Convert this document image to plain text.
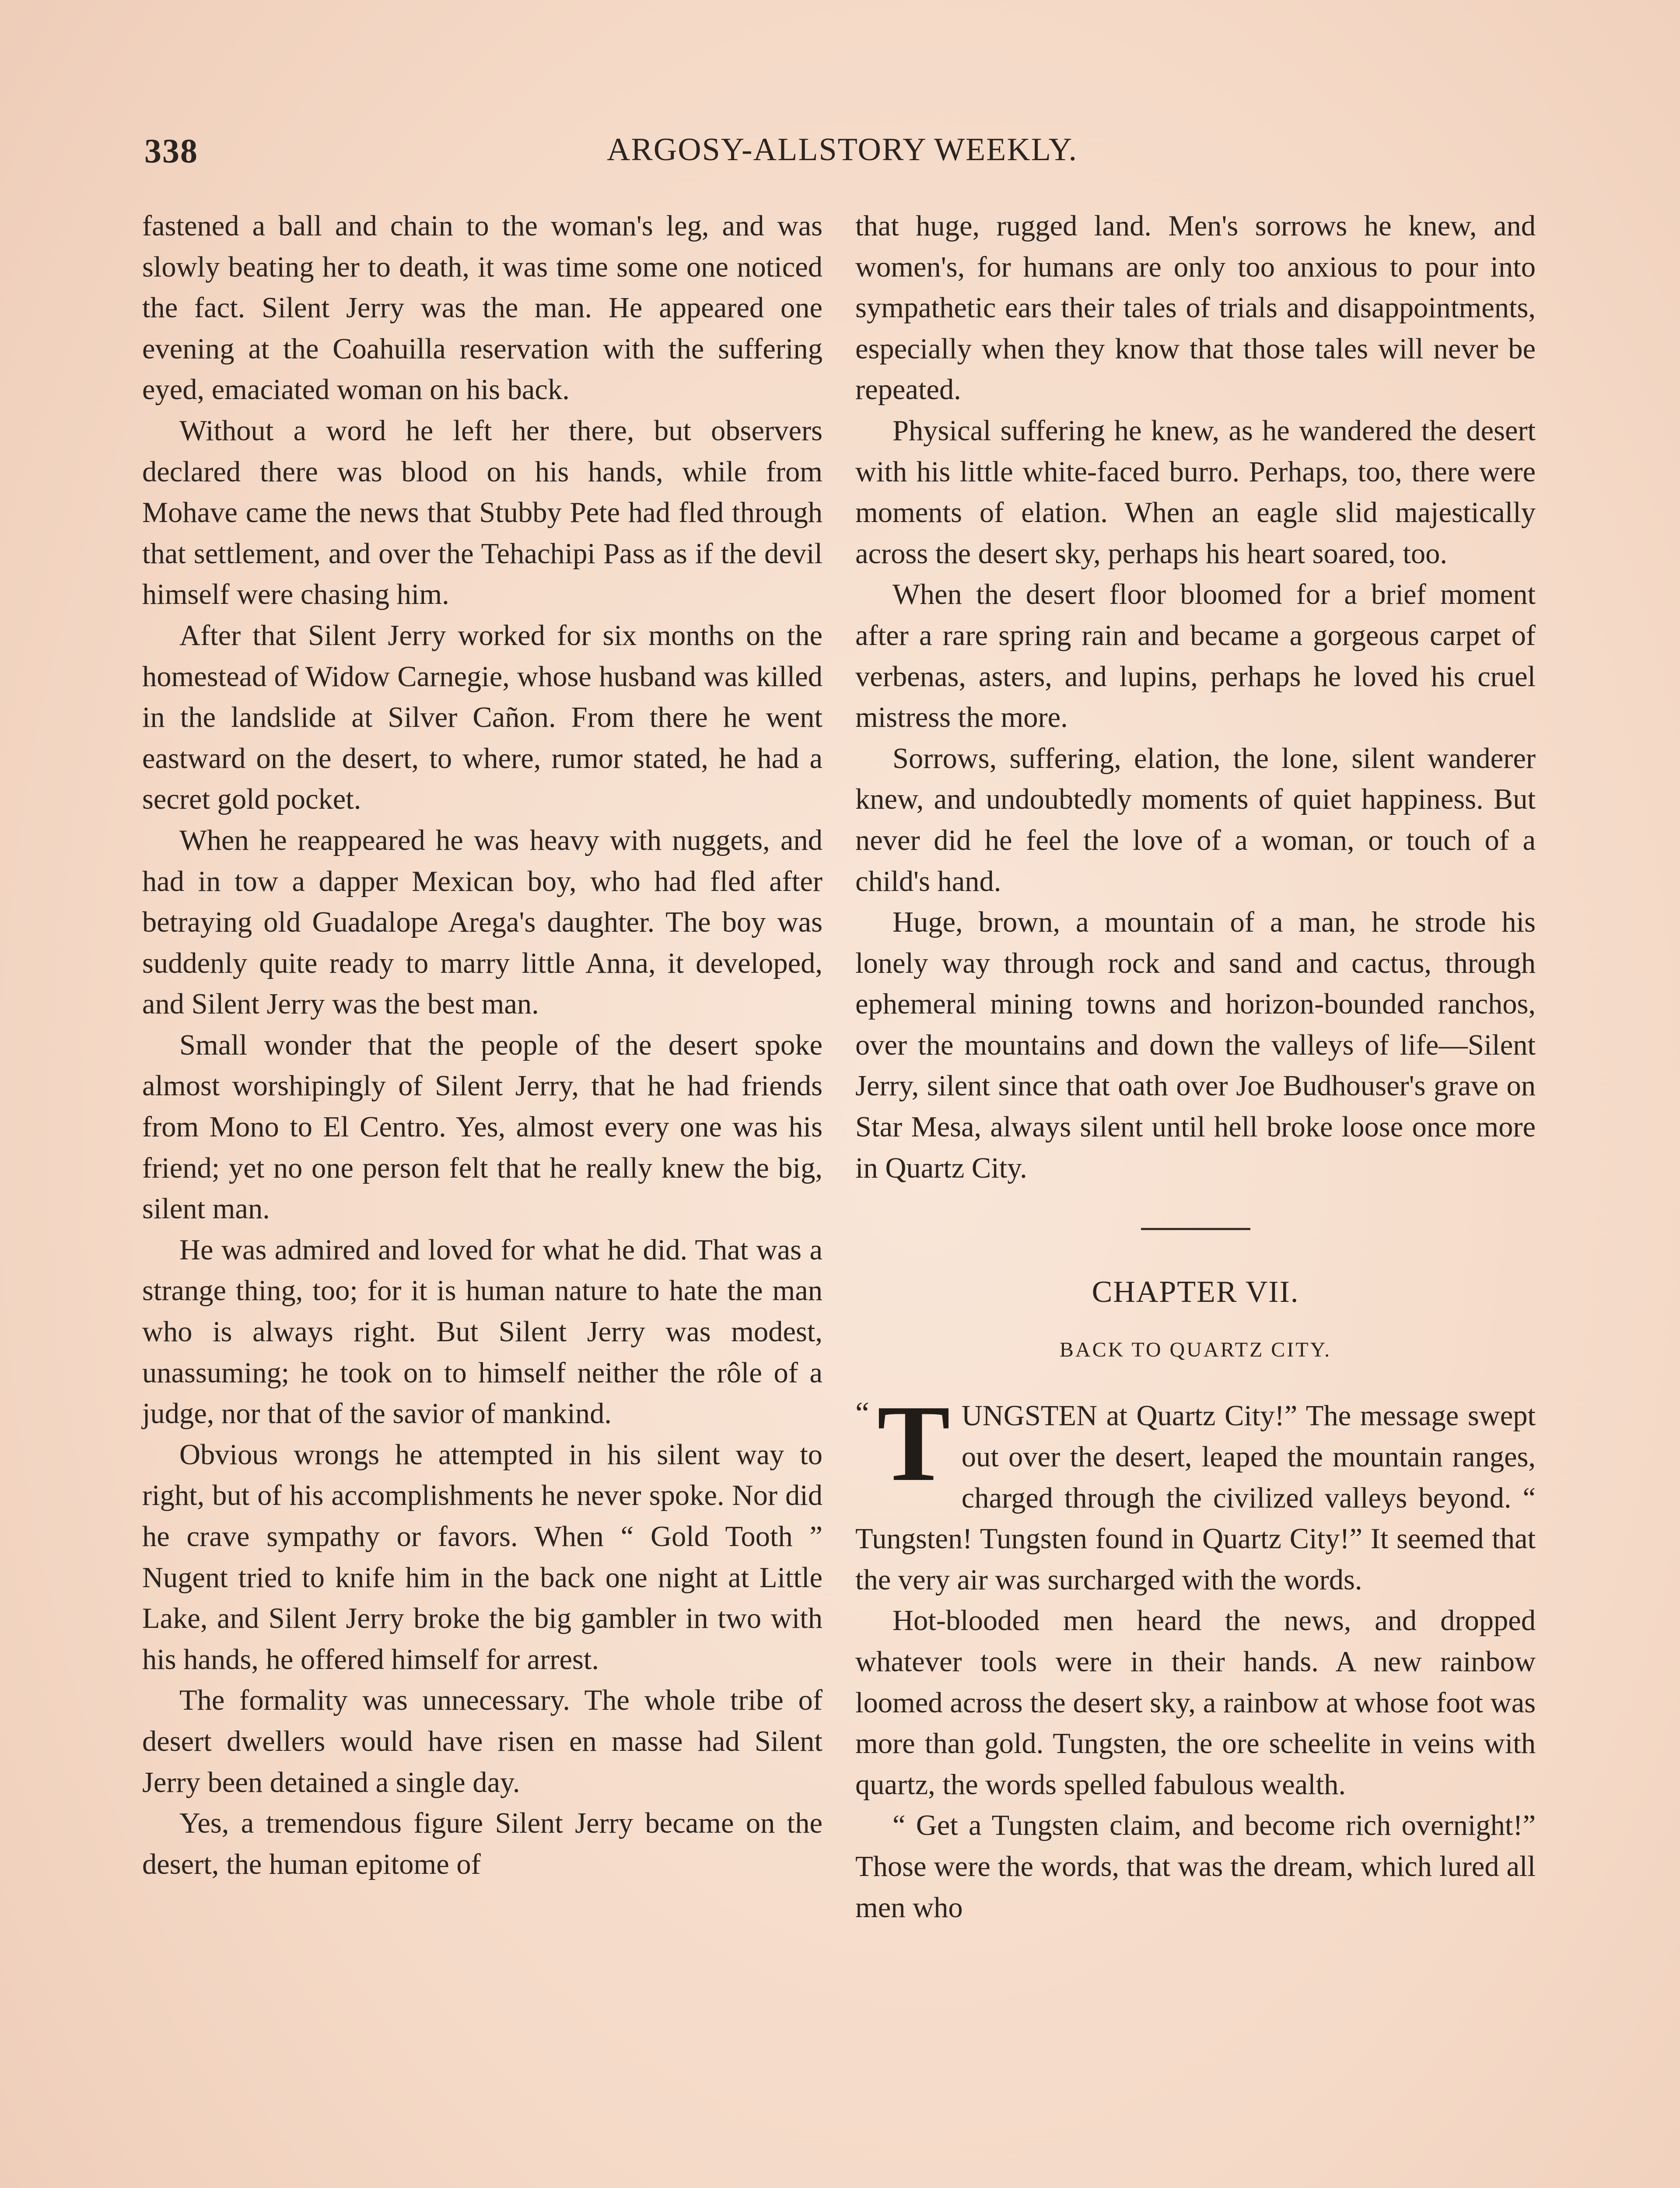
338	ARGOSY-ALLSTORY WEEKLY.

fastened a ball and chain to the woman's leg, and was slowly beating her to death, it was time some one noticed the fact. Silent Jerry was the man. He appeared one evening at the Coahuilla reservation with the suffering eyed, emaciated woman on his back.

Without a word he left her there, but observers declared there was blood on his hands, while from Mohave came the news that Stubby Pete had fled through that settlement, and over the Tehachipi Pass as if the devil himself were chasing him.

After that Silent Jerry worked for six months on the homestead of Widow Carnegie, whose husband was killed in the landslide at Silver Cañon. From there he went eastward on the desert, to where, rumor stated, he had a secret gold pocket.

When he reappeared he was heavy with nuggets, and had in tow a dapper Mexican boy, who had fled after betraying old Guadalope Arega's daughter. The boy was suddenly quite ready to marry little Anna, it developed, and Silent Jerry was the best man.

Small wonder that the people of the desert spoke almost worshipingly of Silent Jerry, that he had friends from Mono to El Centro. Yes, almost every one was his friend; yet no one person felt that he really knew the big, silent man.

He was admired and loved for what he did. That was a strange thing, too; for it is human nature to hate the man who is always right. But Silent Jerry was modest, unassuming; he took on to himself neither the rôle of a judge, nor that of the savior of mankind.

Obvious wrongs he attempted in his silent way to right, but of his accomplishments he never spoke. Nor did he crave sympathy or favors. When “ Gold Tooth ” Nugent tried to knife him in the back one night at Little Lake, and Silent Jerry broke the big gambler in two with his hands, he offered himself for arrest.

The formality was unnecessary. The whole tribe of desert dwellers would have risen en masse had Silent Jerry been detained a single day.

Yes, a tremendous figure Silent Jerry became on the desert, the human epitome of

that huge, rugged land. Men's sorrows he knew, and women's, for humans are only too anxious to pour into sympathetic ears their tales of trials and disappointments, especially when they know that those tales will never be repeated.

Physical suffering he knew, as he wandered the desert with his little white-faced burro. Perhaps, too, there were moments of elation. When an eagle slid majestically across the desert sky, perhaps his heart soared, too.

When the desert floor bloomed for a brief moment after a rare spring rain and became a gorgeous carpet of verbenas, asters, and lupins, perhaps he loved his cruel mistress the more.

Sorrows, suffering, elation, the lone, silent wanderer knew, and undoubtedly moments of quiet happiness. But never did he feel the love of a woman, or touch of a child's hand.

Huge, brown, a mountain of a man, he strode his lonely way through rock and sand and cactus, through ephemeral mining towns and horizon-bounded ranchos, over the mountains and down the valleys of life—Silent Jerry, silent since that oath over Joe Budhouser's grave on Star Mesa, always silent until hell broke loose once more in Quartz City.

CHAPTER VII.
BACK TO QUARTZ CITY.
“ T UNGSTEN at Quartz City!” The message swept out over the desert, leaped the mountain ranges, charged through the civilized valleys beyond. “ Tungsten! Tungsten found in Quartz City!” It seemed that the very air was surcharged with the words.

Hot-blooded men heard the news, and dropped whatever tools were in their hands. A new rainbow loomed across the desert sky, a rainbow at whose foot was more than gold. Tungsten, the ore scheelite in veins with quartz, the words spelled fabulous wealth.

“ Get a Tungsten claim, and become rich overnight!” Those were the words, that was the dream, which lured all men who
